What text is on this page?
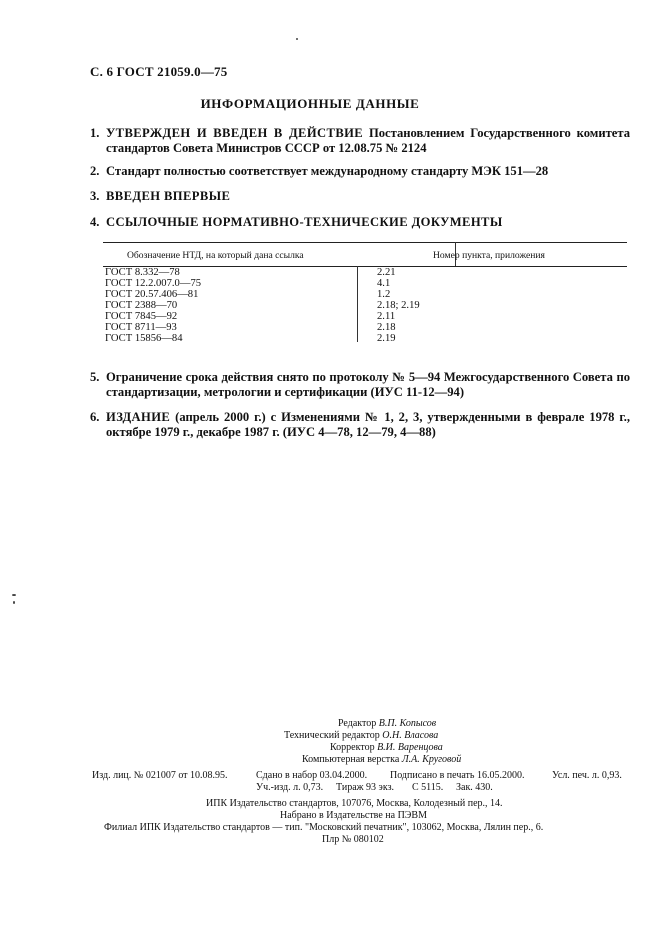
С. 6 ГОСТ 21059.0—75
ИНФОРМАЦИОННЫЕ ДАННЫЕ
1. УТВЕРЖДЕН И ВВЕДЕН В ДЕЙСТВИЕ Постановлением Государственного комитета стандартов Совета Министров СССР от 12.08.75 № 2124
2. Стандарт полностью соответствует международному стандарту МЭК 151—28
3. ВВЕДЕН ВПЕРВЫЕ
4. ССЫЛОЧНЫЕ НОРМАТИВНО-ТЕХНИЧЕСКИЕ ДОКУМЕНТЫ
Обозначение НТД, на который дана ссылка	Номер пункта, приложения
ГОСТ 8.332—78	2.21
ГОСТ 12.2.007.0—75	4.1
ГОСТ 20.57.406—81	1.2
ГОСТ 2388—70	2.18; 2.19
ГОСТ 7845—92	2.11
ГОСТ 8711—93	2.18
ГОСТ 15856—84	2.19
5. Ограничение срока действия снято по протоколу № 5—94 Межгосударственного Совета по стандартизации, метрологии и сертификации (ИУС 11-12—94)
6. ИЗДАНИЕ (апрель 2000 г.) с Изменениями № 1, 2, 3, утвержденными в феврале 1978 г., октябре 1979 г., декабре 1987 г. (ИУС 4—78, 12—79, 4—88)
Редактор В.П. Копысов
Технический редактор О.Н. Власова
Корректор В.И. Варенцова
Компьютерная верстка Л.А. Круговой
Изд. лиц. № 021007 от 10.08.95.	Сдано в набор 03.04.2000. Подписано в печать 16.05.2000.	Усл. печ. л. 0,93.
Уч.-изд. л. 0,73. Тираж 93 экз. С 5115. Зак. 430.
ИПК Издательство стандартов, 107076, Москва, Колодезный пер., 14.
Набрано в Издательстве на ПЭВМ
Филиал ИПК Издательство стандартов — тип. "Московский печатник", 103062, Москва, Лялин пер., 6.
Плр № 080102
